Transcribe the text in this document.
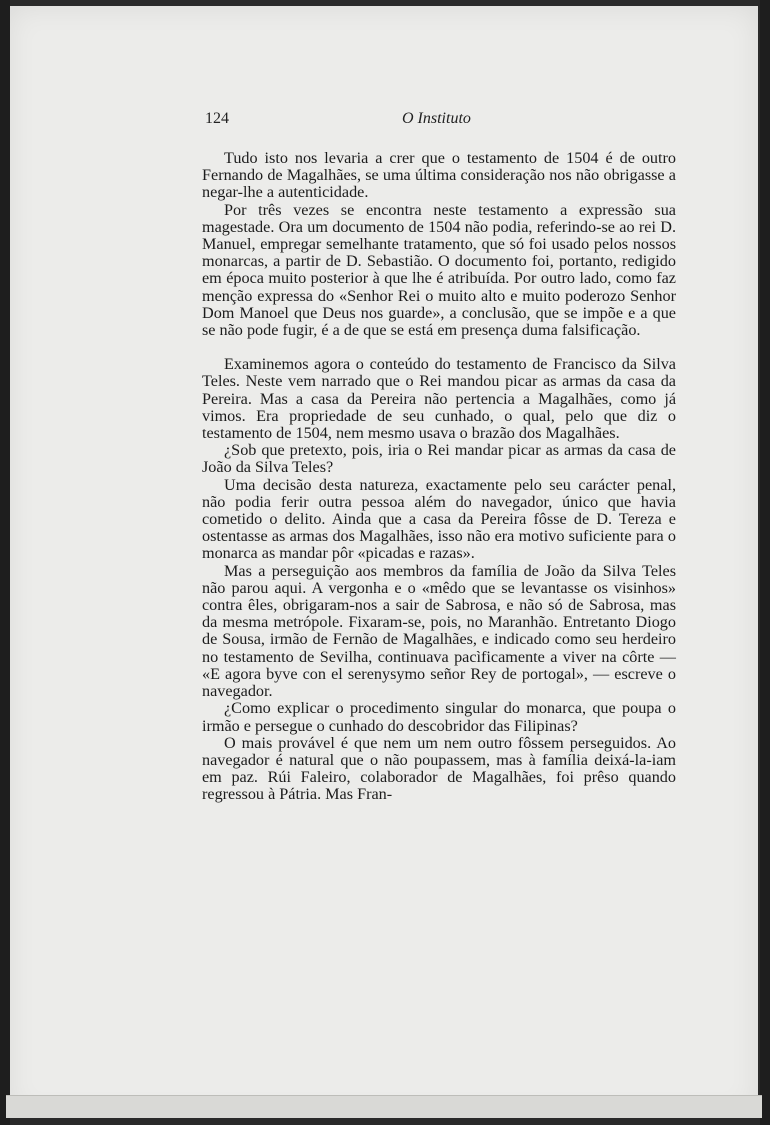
124	O Instituto

Tudo isto nos levaria a crer que o testamento de 1504 é de outro Fernando de Magalhães, se uma última consideração nos não obrigasse a negar-lhe a autenticidade.

Por três vezes se encontra neste testamento a expressão sua magestade. Ora um documento de 1504 não podia, referindo-se ao rei D. Manuel, empregar semelhante tratamento, que só foi usado pelos nossos monarcas, a partir de D. Sebastião. O documento foi, portanto, redigido em época muito posterior à que lhe é atribuída. Por outro lado, como faz menção expressa do «Senhor Rei o muito alto e muito poderozo Senhor Dom Manoel que Deus nos guarde», a conclusão, que se impõe e a que se não pode fugir, é a de que se está em presença duma falsificação.

Examinemos agora o conteúdo do testamento de Francisco da Silva Teles. Neste vem narrado que o Rei mandou picar as armas da casa da Pereira. Mas a casa da Pereira não pertencia a Magalhães, como já vimos. Era propriedade de seu cunhado, o qual, pelo que diz o testamento de 1504, nem mesmo usava o brazão dos Magalhães.

¿Sob que pretexto, pois, iria o Rei mandar picar as armas da casa de João da Silva Teles?

Uma decisão desta natureza, exactamente pelo seu carácter penal, não podia ferir outra pessoa além do navegador, único que havia cometido o delito. Ainda que a casa da Pereira fôsse de D. Tereza e ostentasse as armas dos Magalhães, isso não era motivo suficiente para o monarca as mandar pôr «picadas e razas».

Mas a perseguição aos membros da família de João da Silva Teles não parou aqui. A vergonha e o «mêdo que se levantasse os visinhos» contra êles, obrigaram-nos a sair de Sabrosa, e não só de Sabrosa, mas da mesma metrópole. Fixaram-se, pois, no Maranhão. Entretanto Diogo de Sousa, irmão de Fernão de Magalhães, e indicado como seu herdeiro no testamento de Sevilha, continuava pacìficamente a viver na côrte — «E agora byve con el serenysymo señor Rey de portogal», — escreve o navegador.

¿Como explicar o procedimento singular do monarca, que poupa o irmão e persegue o cunhado do descobridor das Filipinas?

O mais provável é que nem um nem outro fôssem perseguidos. Ao navegador é natural que o não poupassem, mas à família deixá-la-iam em paz. Rúi Faleiro, colaborador de Magalhães, foi prêso quando regressou à Pátria. Mas Fran-
